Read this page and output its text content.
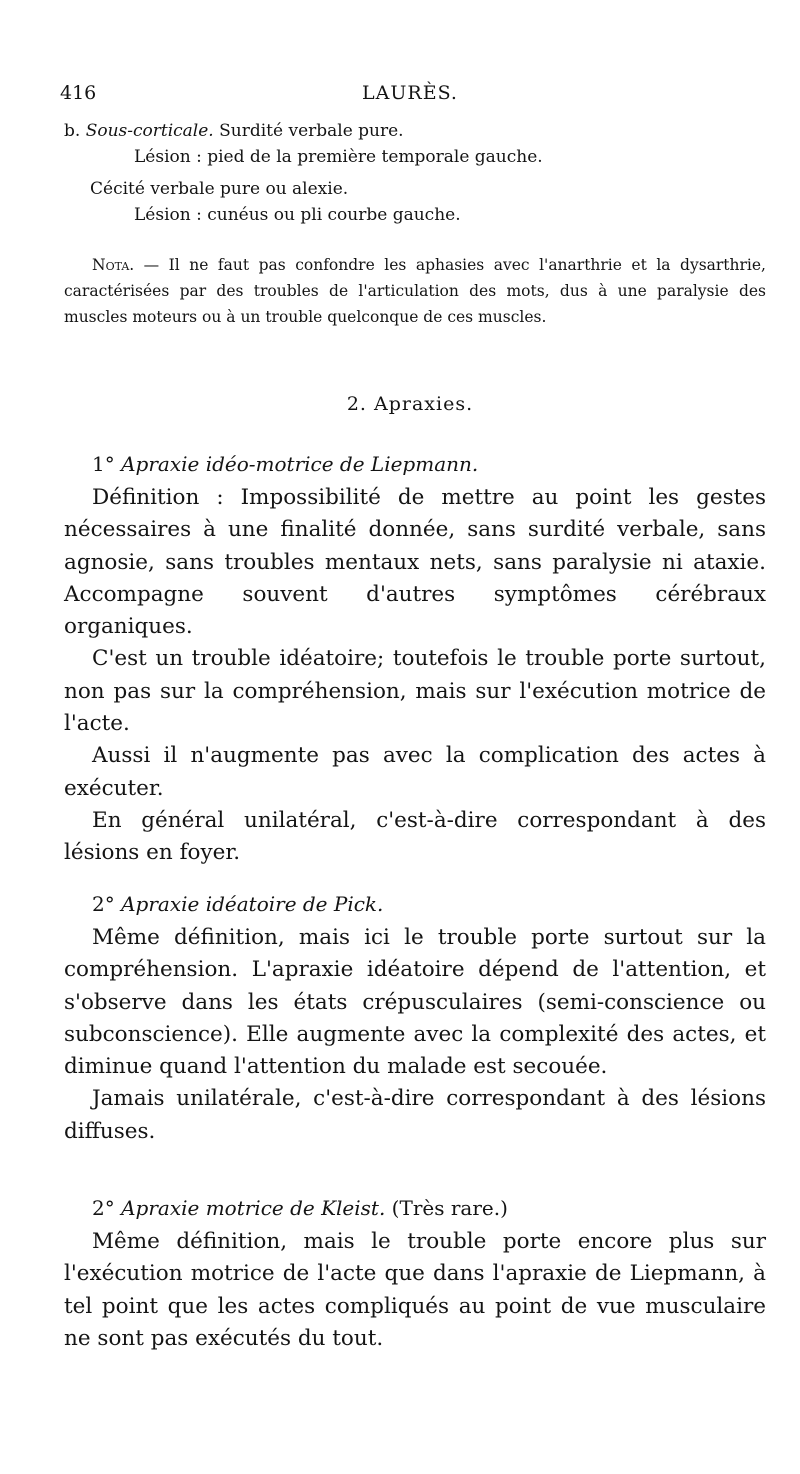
416	LAURÈS.

b. Sous-corticale. Surdité verbale pure.

Lésion : pied de la première temporale gauche.

Cécité verbale pure ou alexie.

Lésion : cunéus ou pli courbe gauche.

Nota. — Il ne faut pas confondre les aphasies avec l'anarthrie et la dysarthrie, caractérisées par des troubles de l'articulation des mots, dus à une paralysie des muscles moteurs ou à un trouble quelconque de ces muscles.

2. Apraxies.
1° Apraxie idéo-motrice de Liepmann.

Définition : Impossibilité de mettre au point les gestes nécessaires à une finalité donnée, sans surdité verbale, sans agnosie, sans troubles mentaux nets, sans paralysie ni ataxie. Accompagne souvent d'autres symptômes cérébraux organiques.

C'est un trouble idéatoire; toutefois le trouble porte surtout, non pas sur la compréhension, mais sur l'exécution motrice de l'acte.

Aussi il n'augmente pas avec la complication des actes à exécuter.

En général unilatéral, c'est-à-dire correspondant à des lésions en foyer.

2° Apraxie idéatoire de Pick.

Même définition, mais ici le trouble porte surtout sur la compréhension. L'apraxie idéatoire dépend de l'attention, et s'observe dans les états crépusculaires (semi-conscience ou subconscience). Elle augmente avec la complexité des actes, et diminue quand l'attention du malade est secouée.

Jamais unilatérale, c'est-à-dire correspondant à des lésions diffuses.

2° Apraxie motrice de Kleist. (Très rare.)

Même définition, mais le trouble porte encore plus sur l'exécution motrice de l'acte que dans l'apraxie de Liepmann, à tel point que les actes compliqués au point de vue musculaire ne sont pas exécutés du tout.
